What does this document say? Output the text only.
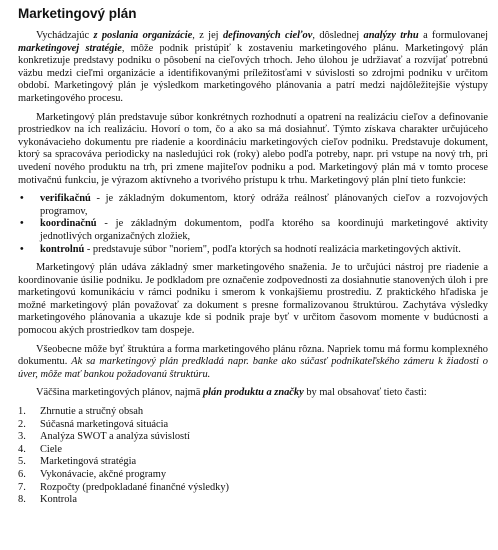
Marketingový plán

Vychádzajúc z poslania organizácie, z jej definovaných cieľov, dôslednej analýzy trhu a formulovanej marketingovej stratégie, môže podnik pristúpiť k zostaveniu marketingového plánu. Marketingový plán konkretizuje predstavy podniku o pôsobení na cieľových trhoch. Jeho úlohou je udržiavať a rozvíjať potrebnú väzbu medzi cieľmi organizácie a identifikovanými príležitosťami v súvislosti so zdrojmi podniku v určitom období. Marketingový plán je výsledkom marketingového plánovania a patrí medzi najdôležitejšie výstupy marketingového procesu.

Marketingový plán predstavuje súbor konkrétnych rozhodnutí a opatrení na realizáciu cieľov a definovanie prostriedkov na ich realizáciu. Hovorí o tom, čo a ako sa má dosiahnuť. Týmto získava charakter určujúceho vykonávacieho dokumentu pre riadenie a koordináciu marketingových cieľov podniku. Predstavuje dokument, ktorý sa spracováva periodicky na nasledujúci rok (roky) alebo podľa potreby, napr. pri vstupe na nový trh, pri uvedení nového produktu na trh, pri zmene majiteľov podniku a pod. Marketingový plán má v tomto procese motivačnú funkciu, je výrazom aktívneho a tvorivého prístupu k trhu. Marketingový plán plní tieto funkcie:

• verifikačnú - je základným dokumentom, ktorý odráža reálnosť plánovaných cieľov a rozvojových programov,
• koordinačnú - je základným dokumentom, podľa ktorého sa koordinujú marketingové aktivity jednotlivých organizačných zložiek,
• kontrolnú - predstavuje súbor "noriem", podľa ktorých sa hodnotí realizácia marketingových aktivít.

Marketingový plán udáva základný smer marketingového snaženia. Je to určujúci nástroj pre riadenie a koordinovanie úsilie podniku. Je podkladom pre označenie zodpovednosti za dosiahnutie stanovených úloh i pre marketingovú komunikáciu v rámci podniku i smerom k vonkajšiemu prostrediu. Z praktického hľadiska je možné marketingový plán považovať za dokument s presne formalizovanou štruktúrou. Zachytáva výsledky marketingového plánovania a ukazuje kde si podnik praje byť v určitom časovom momente v budúcnosti a pomocou akých prostriedkov tam dospeje.

Všeobecne môže byť štruktúra a forma marketingového plánu rôzna. Napriek tomu má formu komplexného dokumentu. Ak sa marketingový plán predkladá napr. banke ako súčasť podnikateľského zámeru k žiadosti o úver, môže mať bankou požadovanú štruktúru.

Väčšina marketingových plánov, najmä plán produktu a značky by mal obsahovať tieto časti:

1. Zhrnutie a stručný obsah
2. Súčasná marketingová situácia
3. Analýza SWOT a analýza súvislostí
4. Ciele
5. Marketingová stratégia
6. Vykonávacie, akčné programy
7. Rozpočty (predpokladané finančné výsledky)
8. Kontrola
